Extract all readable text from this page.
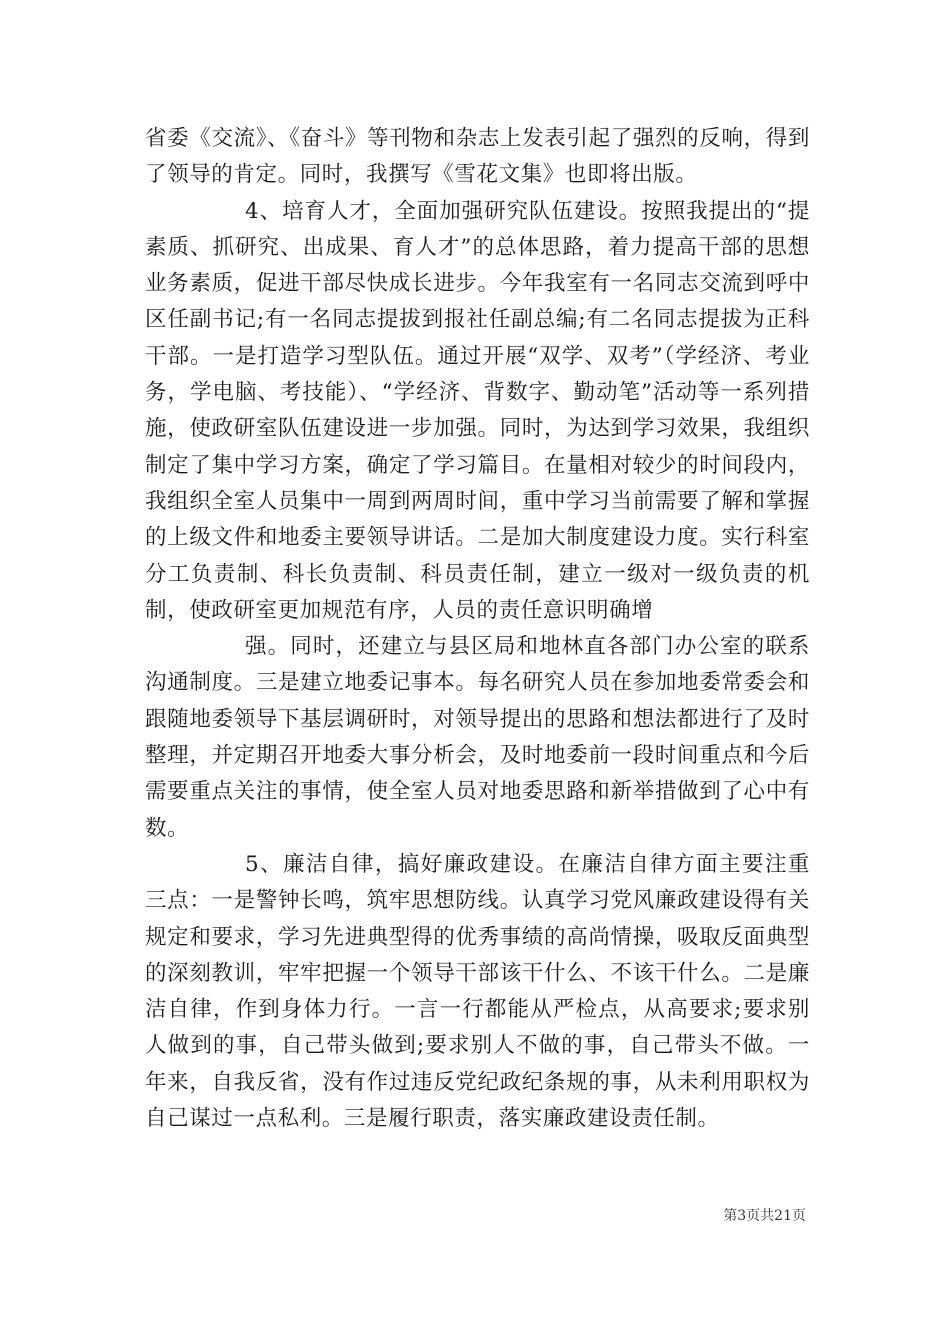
省委《交流》、《奋斗》等刊物和杂志上发表引起了强烈的反响，得到了领导的肯定。同时，我撰写《雪花文集》也即将出版。

4、培育人才，全面加强研究队伍建设。按照我提出的“提素质、抓研究、出成果、育人才”的总体思路，着力提高干部的思想业务素质，促进干部尽快成长进步。今年我室有一名同志交流到呼中区任副书记;有一名同志提拔到报社任副总编;有二名同志提拔为正科干部。一是打造学习型队伍。通过开展“双学、双考”（学经济、考业务，学电脑、考技能）、“学经济、背数字、勤动笔”活动等一系列措施，使政研室队伍建设进一步加强。同时，为达到学习效果，我组织制定了集中学习方案，确定了学习篇目。在量相对较少的时间段内，我组织全室人员集中一周到两周时间，重中学习当前需要了解和掌握的上级文件和地委主要领导讲话。二是加大制度建设力度。实行科室分工负责制、科长负责制、科员责任制，建立一级对一级负责的机制，使政研室更加规范有序，人员的责任意识明确增

强。同时，还建立与县区局和地林直各部门办公室的联系沟通制度。三是建立地委记事本。每名研究人员在参加地委常委会和跟随地委领导下基层调研时，对领导提出的思路和想法都进行了及时整理，并定期召开地委大事分析会，及时地委前一段时间重点和今后需要重点关注的事情，使全室人员对地委思路和新举措做到了心中有数。

5、廉洁自律，搞好廉政建设。在廉洁自律方面主要注重三点：一是警钟长鸣，筑牢思想防线。认真学习党风廉政建设得有关规定和要求，学习先进典型得的优秀事绩的高尚情操，吸取反面典型的深刻教训，牢牢把握一个领导干部该干什么、不该干什么。二是廉洁自律，作到身体力行。一言一行都能从严检点，从高要求;要求别人做到的事，自己带头做到;要求别人不做的事，自己带头不做。一年来，自我反省，没有作过违反党纪政纪条规的事，从未利用职权为自己谋过一点私利。三是履行职责，落实廉政建设责任制。

第3页共21页
